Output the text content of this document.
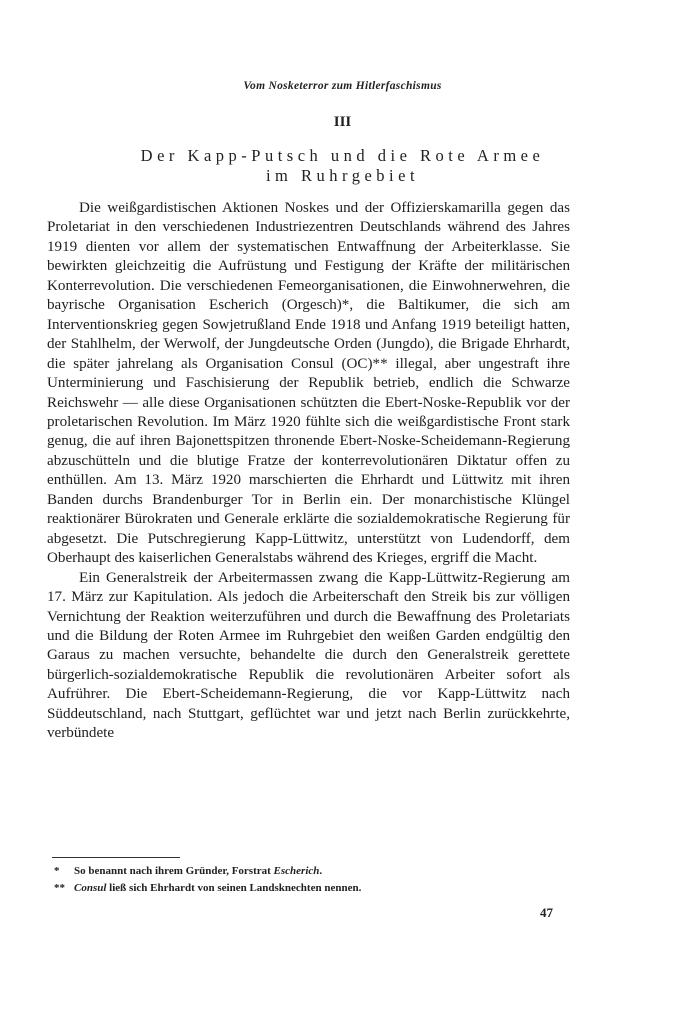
Vom Nosketerror zum Hitlerfaschismus
III
Der Kapp-Putsch und die Rote Armee
im Ruhrgebiet

Die weißgardistischen Aktionen Noskes und der Offizierskamarilla gegen das Proletariat in den verschiedenen Industriezentren Deutschlands während des Jahres 1919 dienten vor allem der systematischen Entwaffnung der Arbeiterklasse. Sie bewirkten gleichzeitig die Aufrüstung und Festigung der Kräfte der militärischen Konterrevolution. Die verschiedenen Femeorganisationen, die Einwohnerwehren, die bayrische Organisation Escherich (Orgesch)*, die Baltikumer, die sich am Interventionskrieg gegen Sowjetrußland Ende 1918 und Anfang 1919 beteiligt hatten, der Stahlhelm, der Werwolf, der Jungdeutsche Orden (Jungdo), die Brigade Ehrhardt, die später jahrelang als Organisation Consul (OC)** illegal, aber ungestraft ihre Unterminierung und Faschisierung der Republik betrieb, endlich die Schwarze Reichswehr — alle diese Organisationen schützten die Ebert-Noske-Republik vor der proletarischen Revolution. Im März 1920 fühlte sich die weißgardistische Front stark genug, die auf ihren Bajonettspitzen thronende Ebert-Noske-Scheidemann-Regierung abzuschütteln und die blutige Fratze der konterrevolutionären Diktatur offen zu enthüllen. Am 13. März 1920 marschierten die Ehrhardt und Lüttwitz mit ihren Banden durchs Brandenburger Tor in Berlin ein. Der monarchistische Klüngel reaktionärer Bürokraten und Generale erklärte die sozialdemokratische Regierung für abgesetzt. Die Putschregierung Kapp-Lüttwitz, unterstützt von Ludendorff, dem Oberhaupt des kaiserlichen Generalstabs während des Krieges, ergriff die Macht.

Ein Generalstreik der Arbeitermassen zwang die Kapp-Lüttwitz-Regierung am 17. März zur Kapitulation. Als jedoch die Arbeiterschaft den Streik bis zur völligen Vernichtung der Reaktion weiterzuführen und durch die Bewaffnung des Proletariats und die Bildung der Roten Armee im Ruhrgebiet den weißen Garden endgültig den Garaus zu machen versuchte, behandelte die durch den Generalstreik gerettete bürgerlich-sozialdemokratische Republik die revolutionären Arbeiter sofort als Aufrührer. Die Ebert-Scheidemann-Regierung, die vor Kapp-Lüttwitz nach Süddeutschland, nach Stuttgart, geflüchtet war und jetzt nach Berlin zurückkehrte, verbündete

* So benannt nach ihrem Gründer, Forstrat Escherich.
** Consul ließ sich Ehrhardt von seinen Landsknechten nennen.
47
